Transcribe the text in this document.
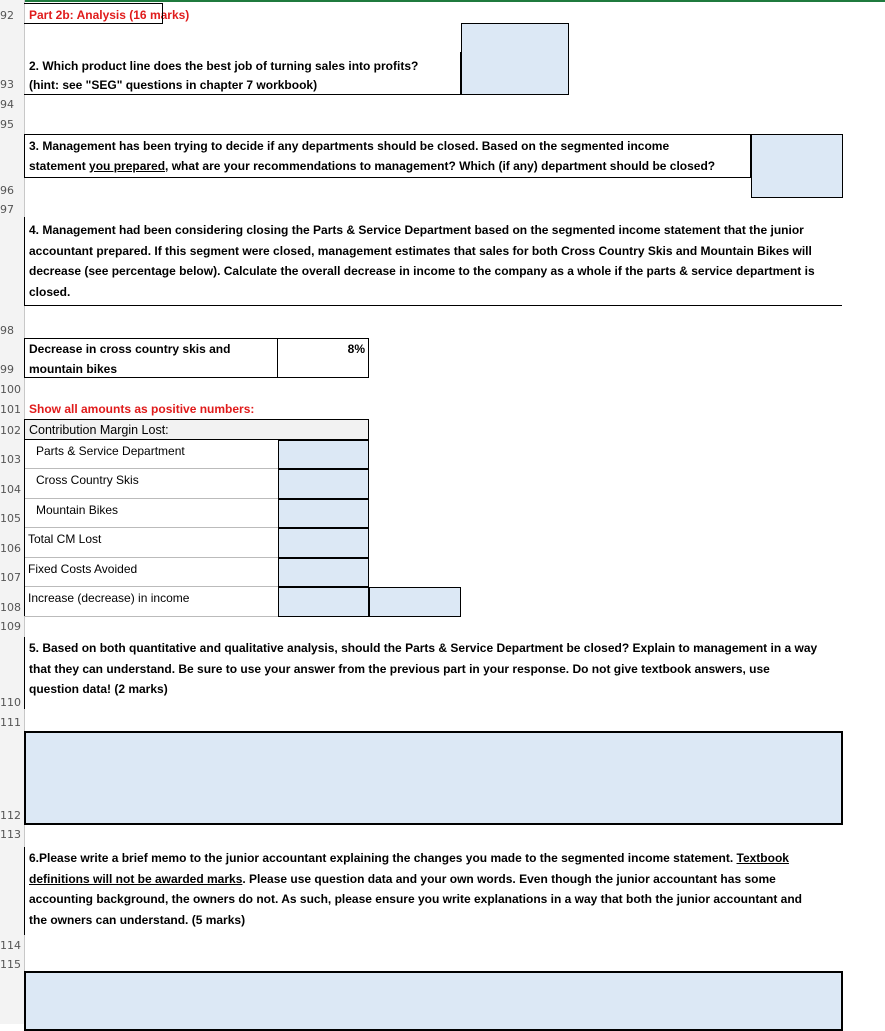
92
93
94
95
96
97
98
99
100
101
102
103
104
105
106
107
108
109
110
111
112
113
114
115
Part 2b: Analysis (16 marks)
2. Which product line does the best job of turning sales into profits?
(hint: see "SEG" questions in chapter 7 workbook)
3. Management has been trying to decide if any departments should be closed. Based on the segmented income
statement you prepared, what are your recommendations to management? Which (if any) department should be closed?
4. Management had been considering closing the Parts & Service Department based on the segmented income statement that the junior
accountant prepared. If this segment were closed, management estimates that sales for both Cross Country Skis and Mountain Bikes will
decrease (see percentage below). Calculate the overall decrease in income to the company as a whole if the parts & service department is
closed.
Decrease in cross country skis and
mountain bikes
8%
Show all amounts as positive numbers:
Contribution Margin Lost:
Parts & Service Department
Cross Country Skis
Mountain Bikes
Total CM Lost
Fixed Costs Avoided
Increase (decrease) in income
5. Based on both quantitative and qualitative analysis, should the Parts & Service Department be closed? Explain to management in a way
that they can understand. Be sure to use your answer from the previous part in your response. Do not give textbook answers, use
question data! (2 marks)
6.Please write a brief memo to the junior accountant explaining the changes you made to the segmented income statement. Textbook
definitions will not be awarded marks. Please use question data and your own words. Even though the junior accountant has some
accounting background, the owners do not. As such, please ensure you write explanations in a way that both the junior accountant and
the owners can understand. (5 marks)
